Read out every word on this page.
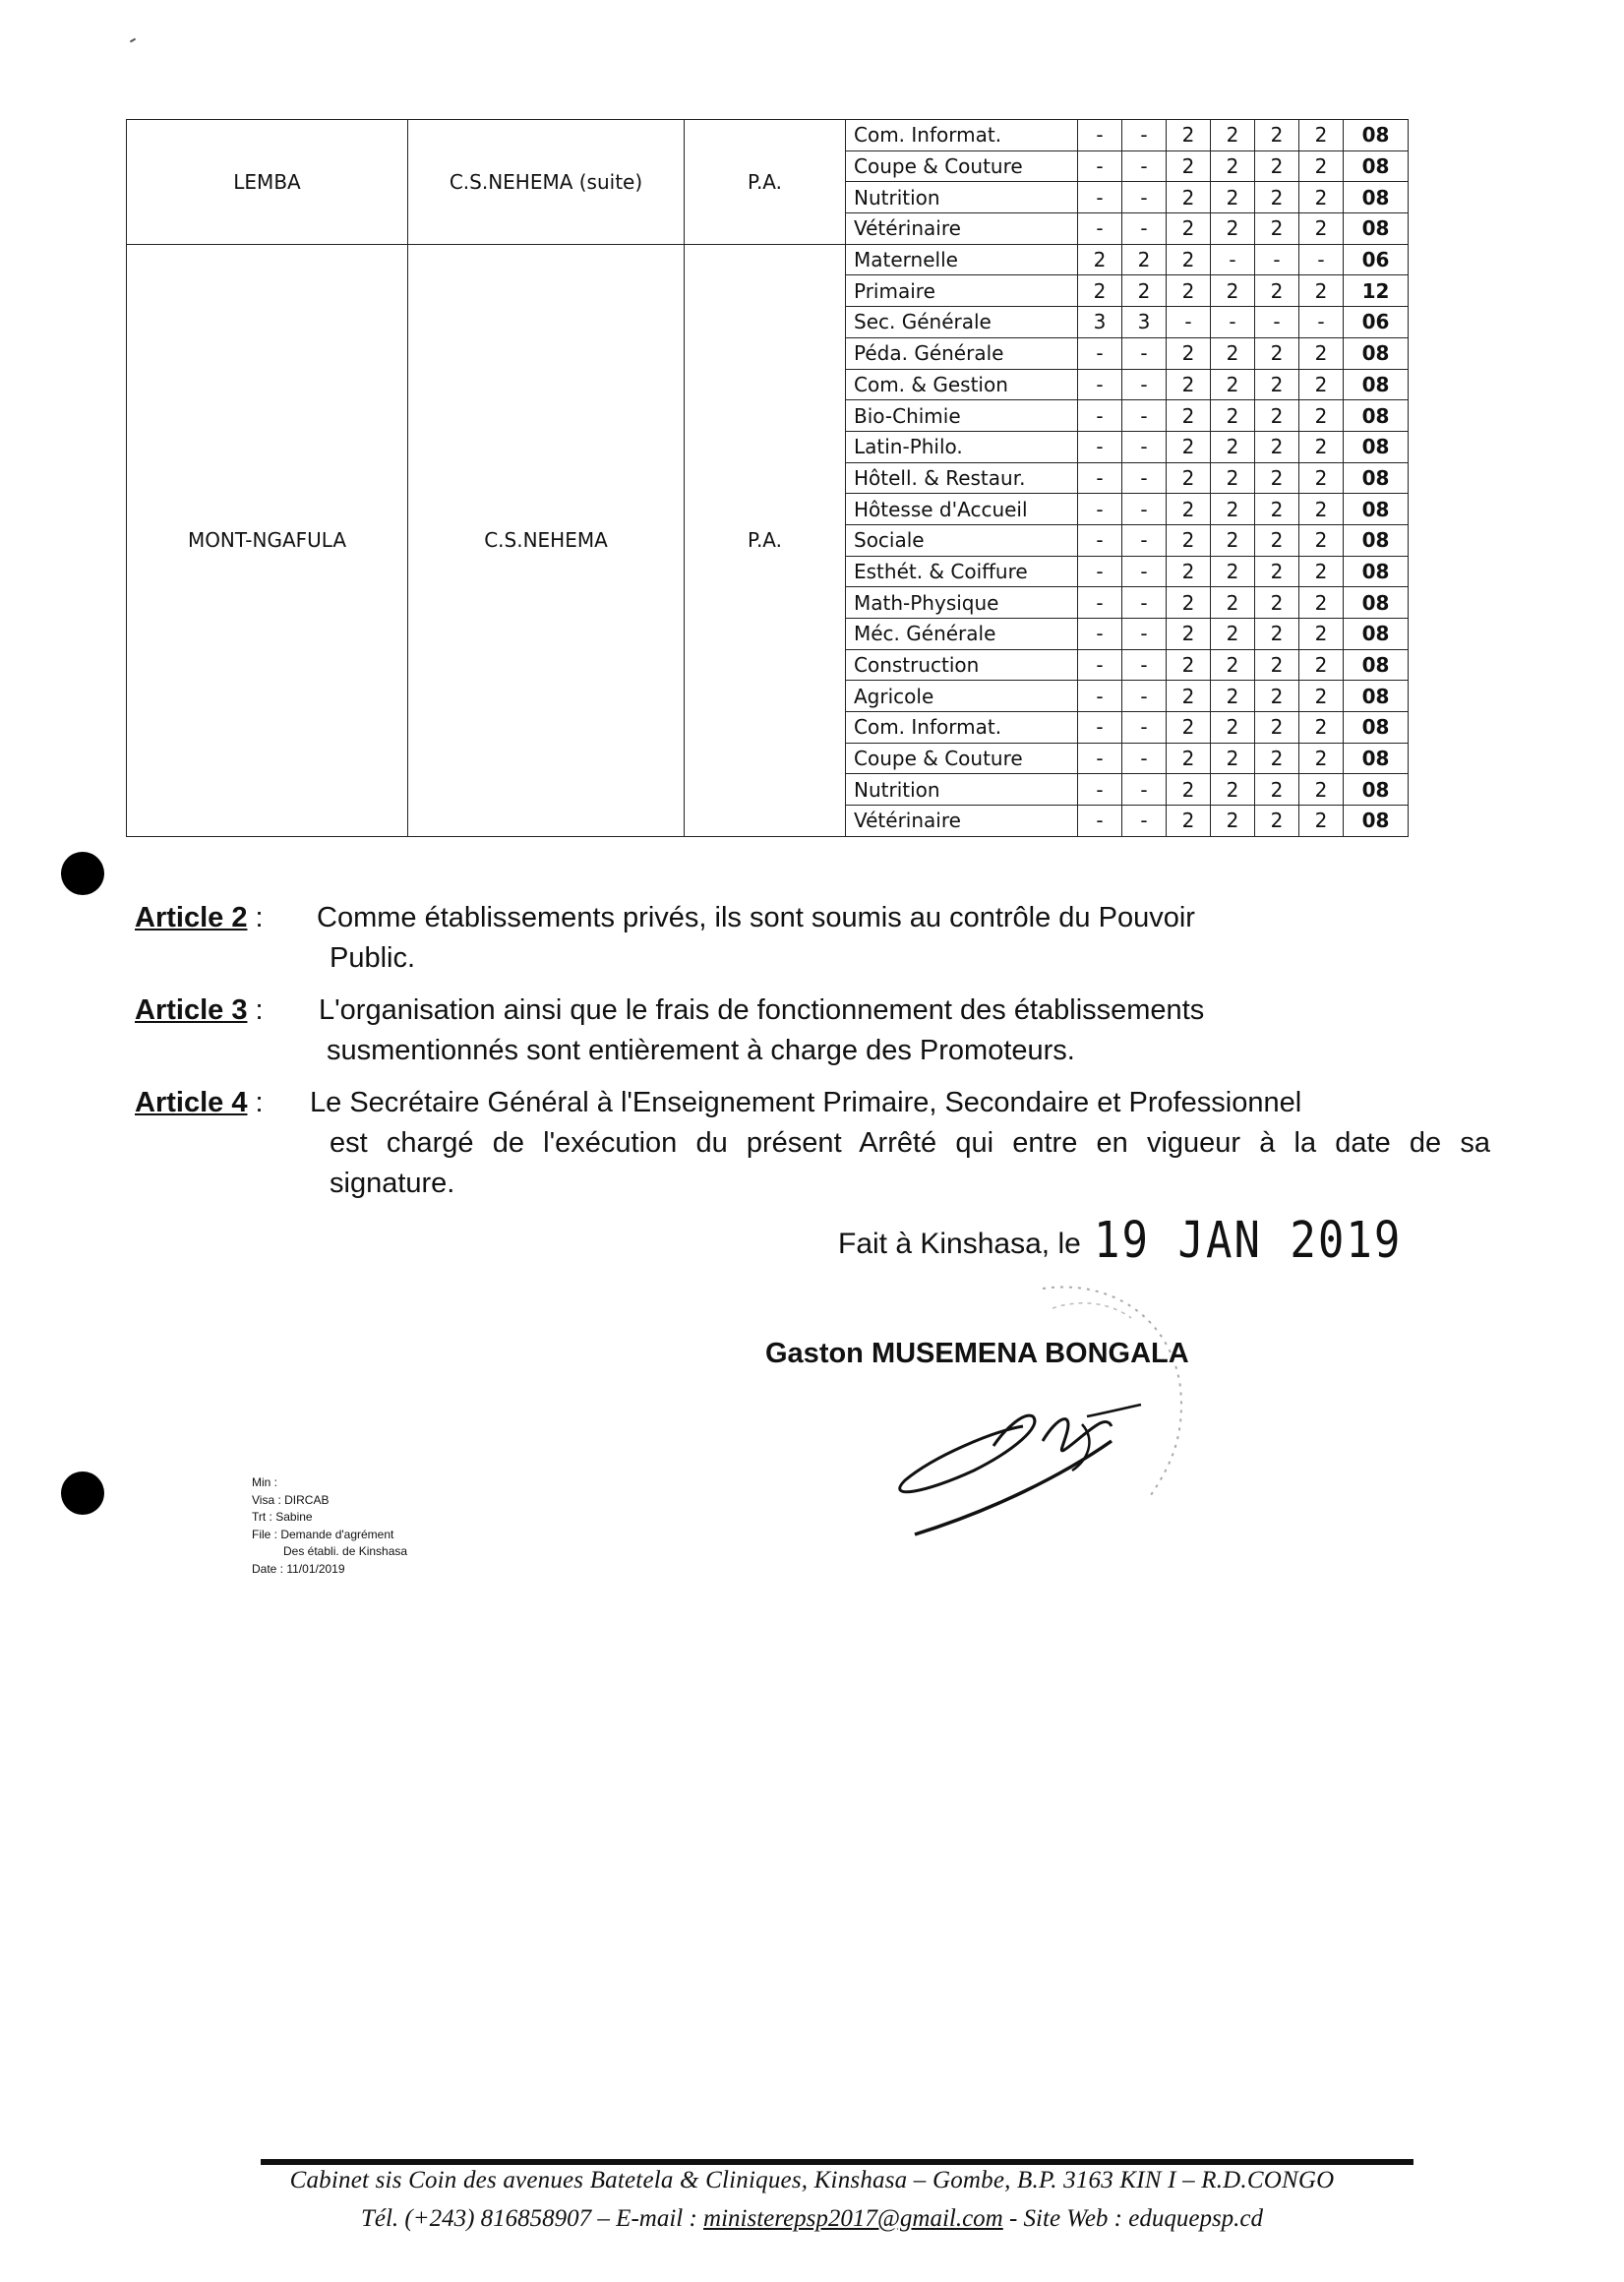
LEMBA	C.S.NEHEMA (suite)	P.A.	Com. Informat.	-	-	2	2	2	2	08
			Coupe & Couture	-	-	2	2	2	2	08
			Nutrition	-	-	2	2	2	2	08
			Vétérinaire	-	-	2	2	2	2	08
MONT-NGAFULA	C.S.NEHEMA	P.A.	Maternelle	2	2	2	-	-	-	06
			Primaire	2	2	2	2	2	2	12
			Sec. Générale	3	3	-	-	-	-	06
			Péda. Générale	-	-	2	2	2	2	08
			Com. & Gestion	-	-	2	2	2	2	08
			Bio-Chimie	-	-	2	2	2	2	08
			Latin-Philo.	-	-	2	2	2	2	08
			Hôtell. & Restaur.	-	-	2	2	2	2	08
			Hôtesse d'Accueil	-	-	2	2	2	2	08
			Sociale	-	-	2	2	2	2	08
			Esthét. & Coiffure	-	-	2	2	2	2	08
			Math-Physique	-	-	2	2	2	2	08
			Méc. Générale	-	-	2	2	2	2	08
			Construction	-	-	2	2	2	2	08
			Agricole	-	-	2	2	2	2	08
			Com. Informat.	-	-	2	2	2	2	08
			Coupe & Couture	-	-	2	2	2	2	08
			Nutrition	-	-	2	2	2	2	08
			Vétérinaire	-	-	2	2	2	2	08
Article 2 : Comme établissements privés, ils sont soumis au contrôle du Pouvoir
Public.
Article 3 : L'organisation ainsi que le frais de fonctionnement des établissements
susmentionnés sont entièrement à charge des Promoteurs.
Article 4 : Le Secrétaire Général à l'Enseignement Primaire, Secondaire et Professionnel
est chargé de l'exécution du présent Arrêté qui entre en vigueur à la date de sa
signature.
Fait à Kinshasa, le 19 JAN 2019
Gaston MUSEMENA BONGALA
Min :
Visa : DIRCAB
Trt : Sabine
File : Demande d'agrément
Des établi. de Kinshasa
Date : 11/01/2019
Cabinet sis Coin des avenues Batetela & Cliniques, Kinshasa – Gombe, B.P. 3163 KIN I – R.D.CONGO
Tél. (+243) 816858907 – E-mail : ministerepsp2017@gmail.com - Site Web : eduquepsp.cd
